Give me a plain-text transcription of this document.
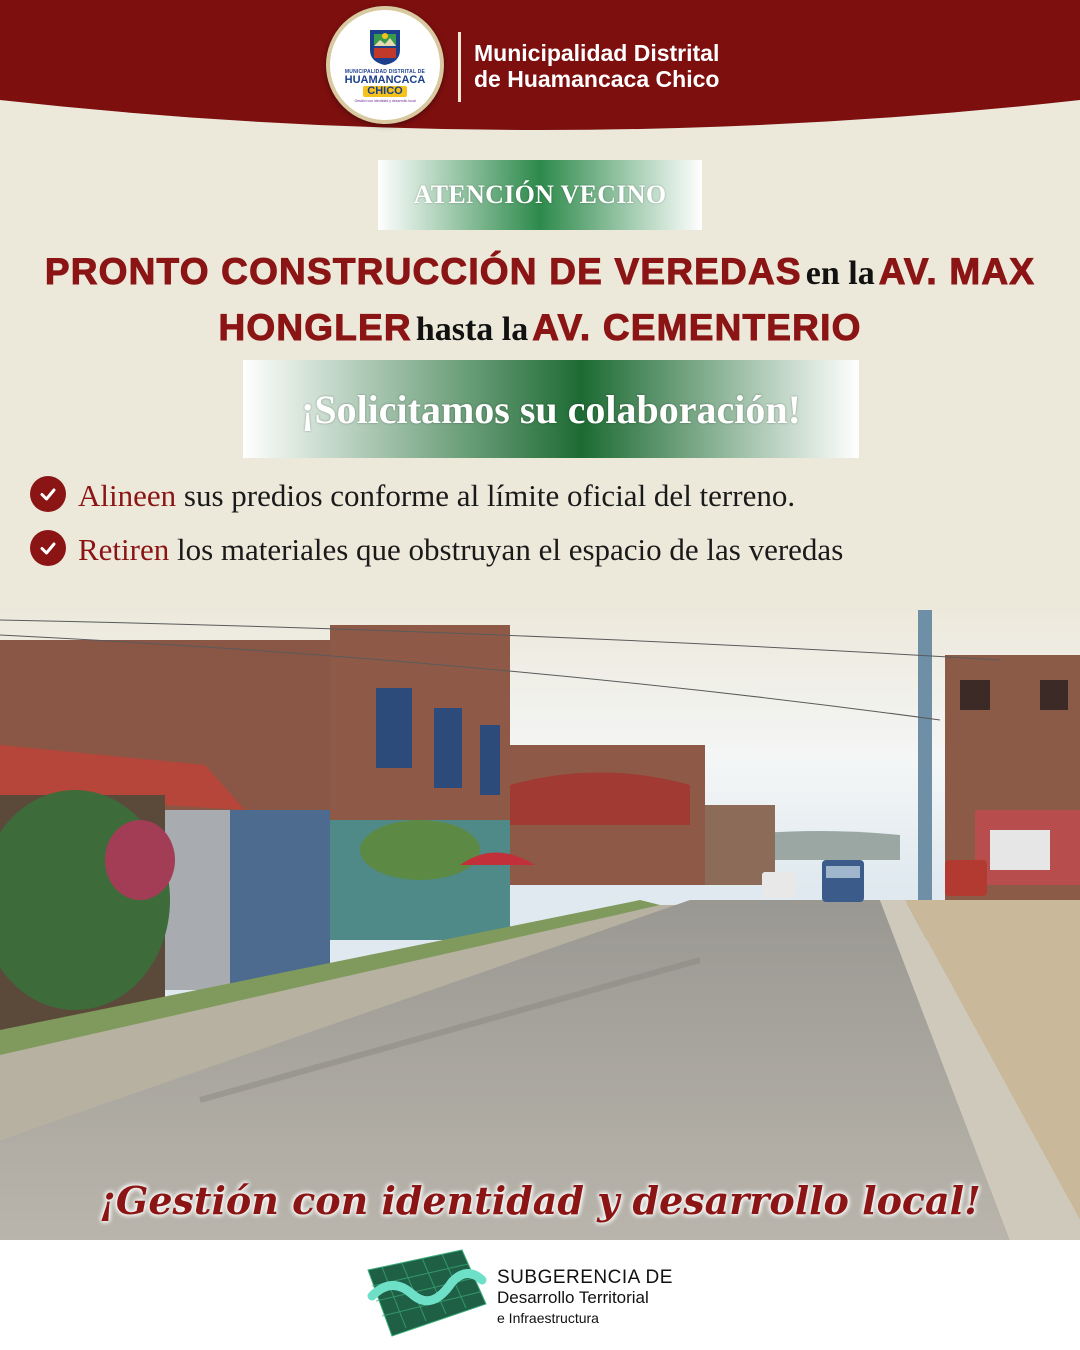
MUNICIPALIDAD DISTRITAL DE
HUAMANCACA
CHICO
Gestión con identidad y desarrollo local
Municipalidad Distrital
de Huamancaca Chico
ATENCIÓN VECINO
PRONTO CONSTRUCCIÓN DE VEREDAS en la AV. MAX HONGLER hasta la AV. CEMENTERIO
¡Solicitamos su colaboración!
Alineen sus predios conforme al límite oficial del terreno.
Retiren los materiales que obstruyan el espacio de las veredas
¡Gestión con identidad y desarrollo local!
SUBGERENCIA DE
Desarrollo Territorial
e Infraestructura
